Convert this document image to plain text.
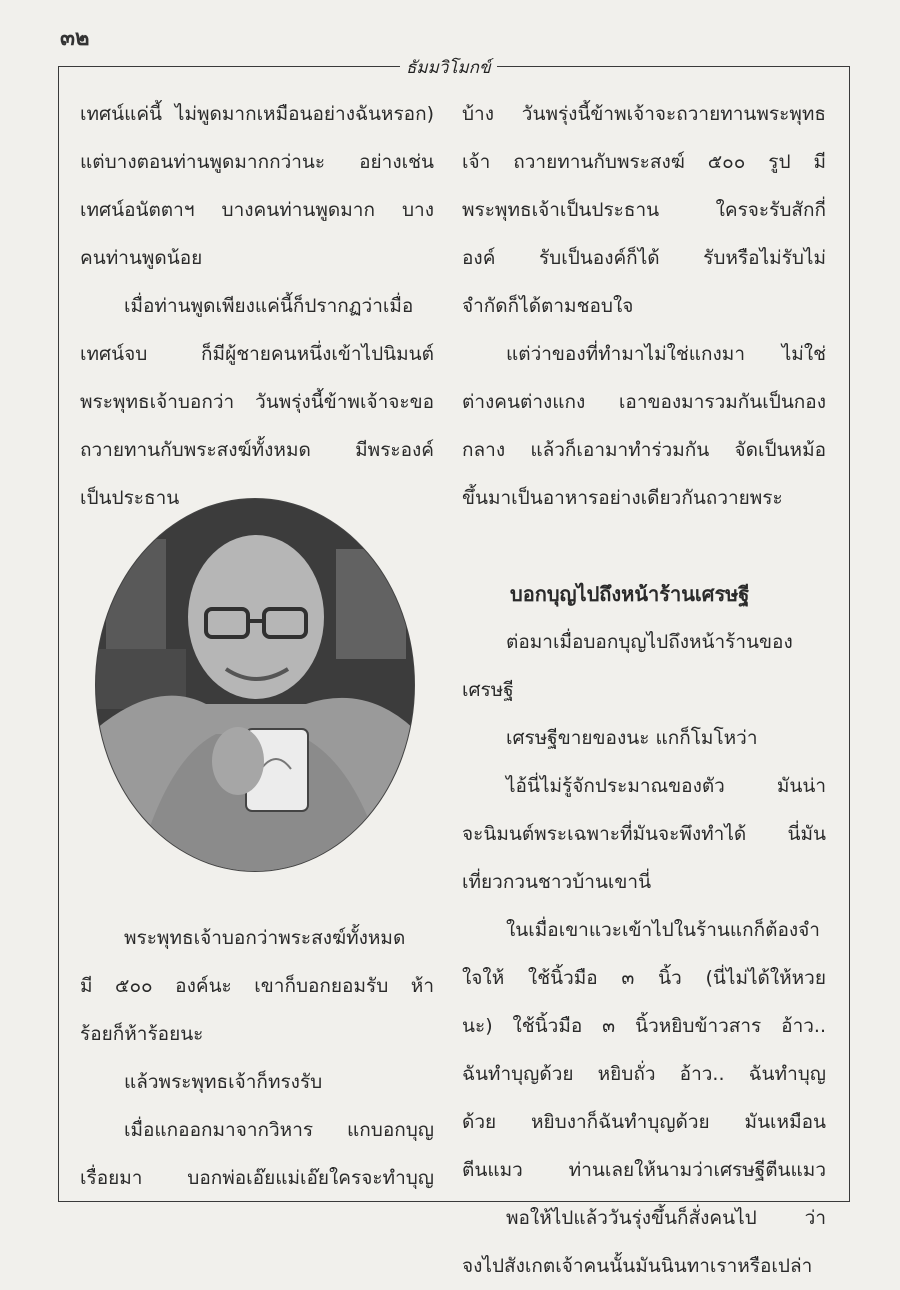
๓๒
ธัมมวิโมกข์
เทศน์แค่นี้ ไม่พูดมากเหมือนอย่างฉันหรอก)
แต่บางตอนท่านพูดมากกว่านะ อย่างเช่น
เทศน์อนัตตาฯ บางคนท่านพูดมาก บาง
คนท่านพูดน้อย
เมื่อท่านพูดเพียงแค่นี้ก็ปรากฏว่าเมื่อ
เทศน์จบ ก็มีผู้ชายคนหนึ่งเข้าไปนิมนต์
พระพุทธเจ้าบอกว่า วันพรุ่งนี้ข้าพเจ้าจะขอ
ถวายทานกับพระสงฆ์ทั้งหมด มีพระองค์
เป็นประธาน
พระพุทธเจ้าบอกว่าพระสงฆ์ทั้งหมด
มี ๕๐๐ องค์นะ เขาก็บอกยอมรับ ห้า
ร้อยก็ห้าร้อยนะ
แล้วพระพุทธเจ้าก็ทรงรับ
เมื่อแกออกมาจากวิหาร แกบอกบุญ
เรื่อยมา บอกพ่อเอ๊ยแม่เอ๊ยใครจะทำบุญ
บ้าง วันพรุ่งนี้ข้าพเจ้าจะถวายทานพระพุทธ
เจ้า ถวายทานกับพระสงฆ์ ๕๐๐ รูป มี
พระพุทธเจ้าเป็นประธาน ใครจะรับสักกี่
องค์ รับเป็นองค์ก็ได้ รับหรือไม่รับไม่
จำกัดก็ได้ตามชอบใจ
แต่ว่าของที่ทำมาไม่ใช่แกงมา ไม่ใช่
ต่างคนต่างแกง เอาของมารวมกันเป็นกอง
กลาง แล้วก็เอามาทำร่วมกัน จัดเป็นหม้อ
ขึ้นมาเป็นอาหารอย่างเดียวกันถวายพระ
บอกบุญไปถึงหน้าร้านเศรษฐี
ต่อมาเมื่อบอกบุญไปถึงหน้าร้านของ
เศรษฐี
เศรษฐีขายของนะ แกก็โมโหว่า
ไอ้นี่ไม่รู้จักประมาณของตัว มันน่า
จะนิมนต์พระเฉพาะที่มันจะพึงทำได้ นี่มัน
เที่ยวกวนชาวบ้านเขานี่
ในเมื่อเขาแวะเข้าไปในร้านแกก็ต้องจำ
ใจให้ ใช้นิ้วมือ ๓ นิ้ว (นี่ไม่ได้ให้หวย
นะ) ใช้นิ้วมือ ๓ นิ้วหยิบข้าวสาร อ้าว..
ฉันทำบุญด้วย หยิบถั่ว อ้าว.. ฉันทำบุญ
ด้วย หยิบงาก็ฉันทำบุญด้วย มันเหมือน
ตีนแมว ท่านเลยให้นามว่าเศรษฐีตีนแมว
พอให้ไปแล้ววันรุ่งขึ้นก็สั่งคนไป ว่า
จงไปสังเกตเจ้าคนนั้นมันนินทาเราหรือเปล่า
